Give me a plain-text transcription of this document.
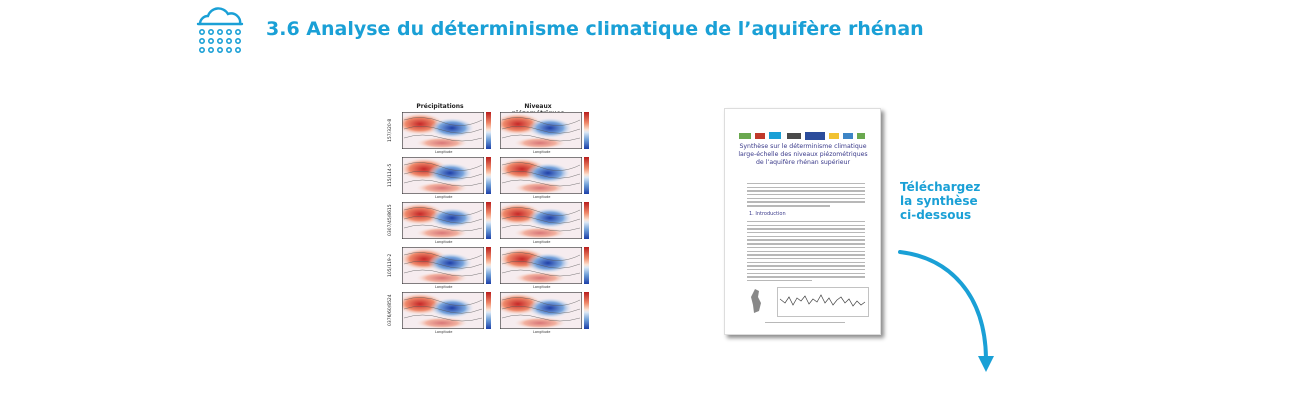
3.6 Analyse du déterminisme climatique de l’aquifère rhénan
Précipitations	Niveaux
157/320-8
Longitude	Longitude
115/114-5
Longitude	Longitude
0307/45/8615
Longitude	Longitude
105/119-2
Longitude	Longitude
0376/60/8524
Longitude	Longitude
Synthèse sur le déterminisme climatique
large-échelle des niveaux piézométriques
de l’aquifère rhénan supérieur
1. Introduction
Téléchargez
la synthèse
ci-dessous
